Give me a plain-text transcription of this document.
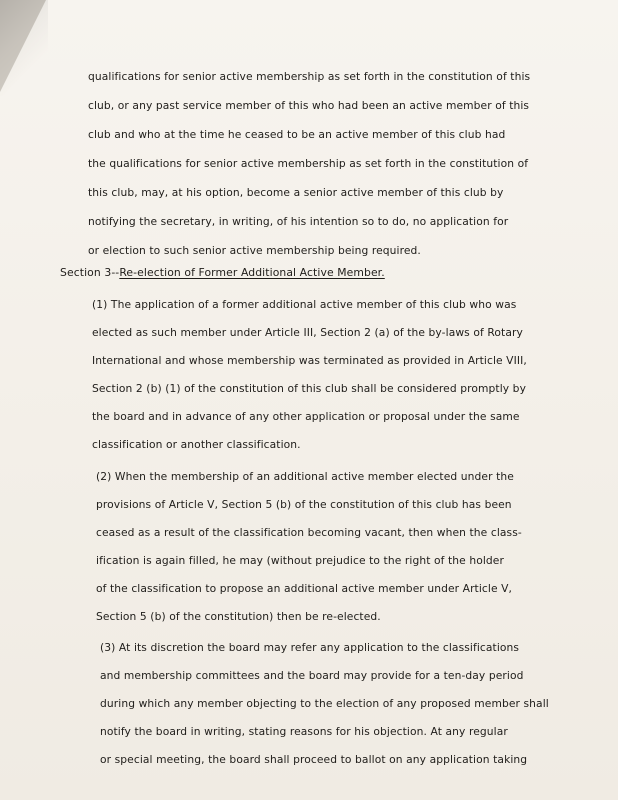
qualifications for senior active membership as set forth in the constitution of this
club, or any past service member of this who had been an active member of this
club and who at the time he ceased to be an active member of this club had
the qualifications for senior active membership as set forth in the constitution of
this club, may, at his option, become a senior active member of this club by
notifying the secretary, in writing, of his intention so to do, no application for
or election to such senior active membership being required.
Section 3--Re-election of Former Additional Active Member.
(1) The application of a former additional active member of this club who was
elected as such member under Article III, Section 2 (a) of the by-laws of Rotary
International and whose membership was terminated as provided in Article VIII,
Section 2 (b) (1) of the constitution of this club shall be considered promptly by
the board and in advance of any other application or proposal under the same
classification or another classification.
(2) When the membership of an additional active member elected under the
provisions of Article V, Section 5 (b) of the constitution of this club has been
ceased as a result of the classification becoming vacant, then when the class-
ification is again filled, he may (without prejudice to the right of the holder
of the classification to propose an additional active member under Article V,
Section 5 (b) of the constitution) then be re-elected.
(3) At its discretion the board may refer any application to the classifications
and membership committees and the board may provide for a ten-day period
during which any member objecting to the election of any proposed member shall
notify the board in writing, stating reasons for his objection. At any regular
or special meeting, the board shall proceed to ballot on any application taking
